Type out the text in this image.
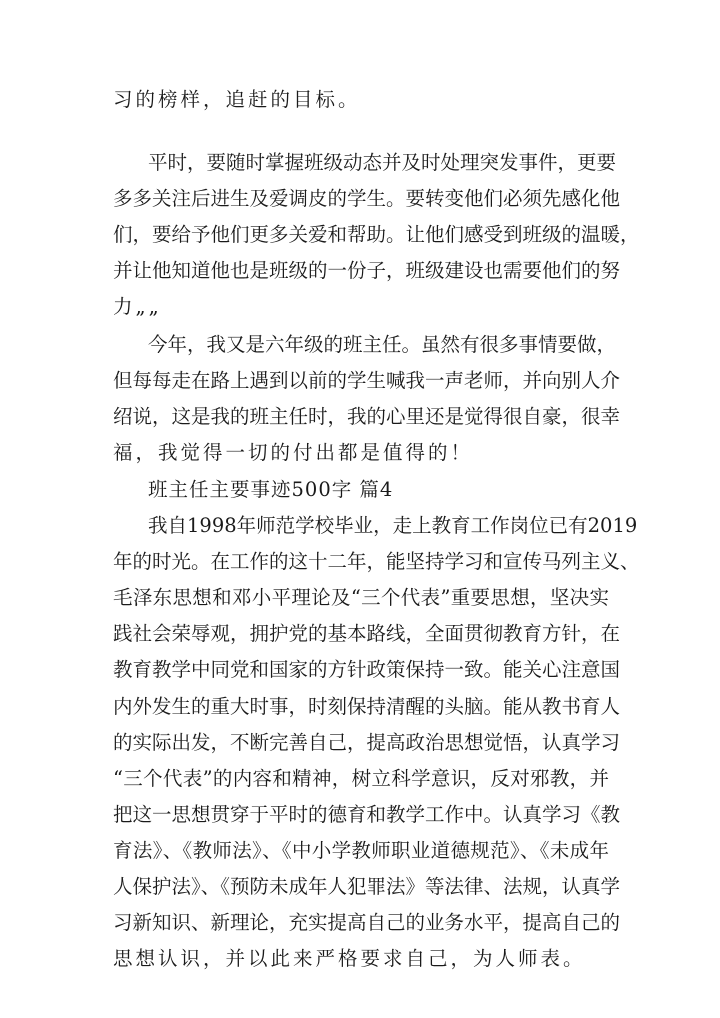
习的榜样，追赶的目标。
平时，要随时掌握班级动态并及时处理突发事件，更要
多多关注后进生及爱调皮的学生。要转变他们必须先感化他
们，要给予他们更多关爱和帮助。让他们感受到班级的温暖，
并让他知道他也是班级的一份子，班级建设也需要他们的努
力„„
今年，我又是六年级的班主任。虽然有很多事情要做，
但每每走在路上遇到以前的学生喊我一声老师，并向别人介
绍说，这是我的班主任时，我的心里还是觉得很自豪，很幸
福，我觉得一切的付出都是值得的！
班主任主要事迹500字 篇4
我自1998年师范学校毕业，走上教育工作岗位已有2019
年的时光。在工作的这十二年，能坚持学习和宣传马列主义、
毛泽东思想和邓小平理论及“三个代表”重要思想，坚决实
践社会荣辱观，拥护党的基本路线，全面贯彻教育方针，在
教育教学中同党和国家的方针政策保持一致。能关心注意国
内外发生的重大时事，时刻保持清醒的头脑。能从教书育人
的实际出发，不断完善自己，提高政治思想觉悟，认真学习
“三个代表”的内容和精神，树立科学意识，反对邪教，并
把这一思想贯穿于平时的德育和教学工作中。认真学习《教
育法》、《教师法》、《中小学教师职业道德规范》、《未成年
人保护法》、《预防未成年人犯罪法》等法律、法规，认真学
习新知识、新理论，充实提高自己的业务水平，提高自己的
思想认识，并以此来严格要求自己，为人师表。
